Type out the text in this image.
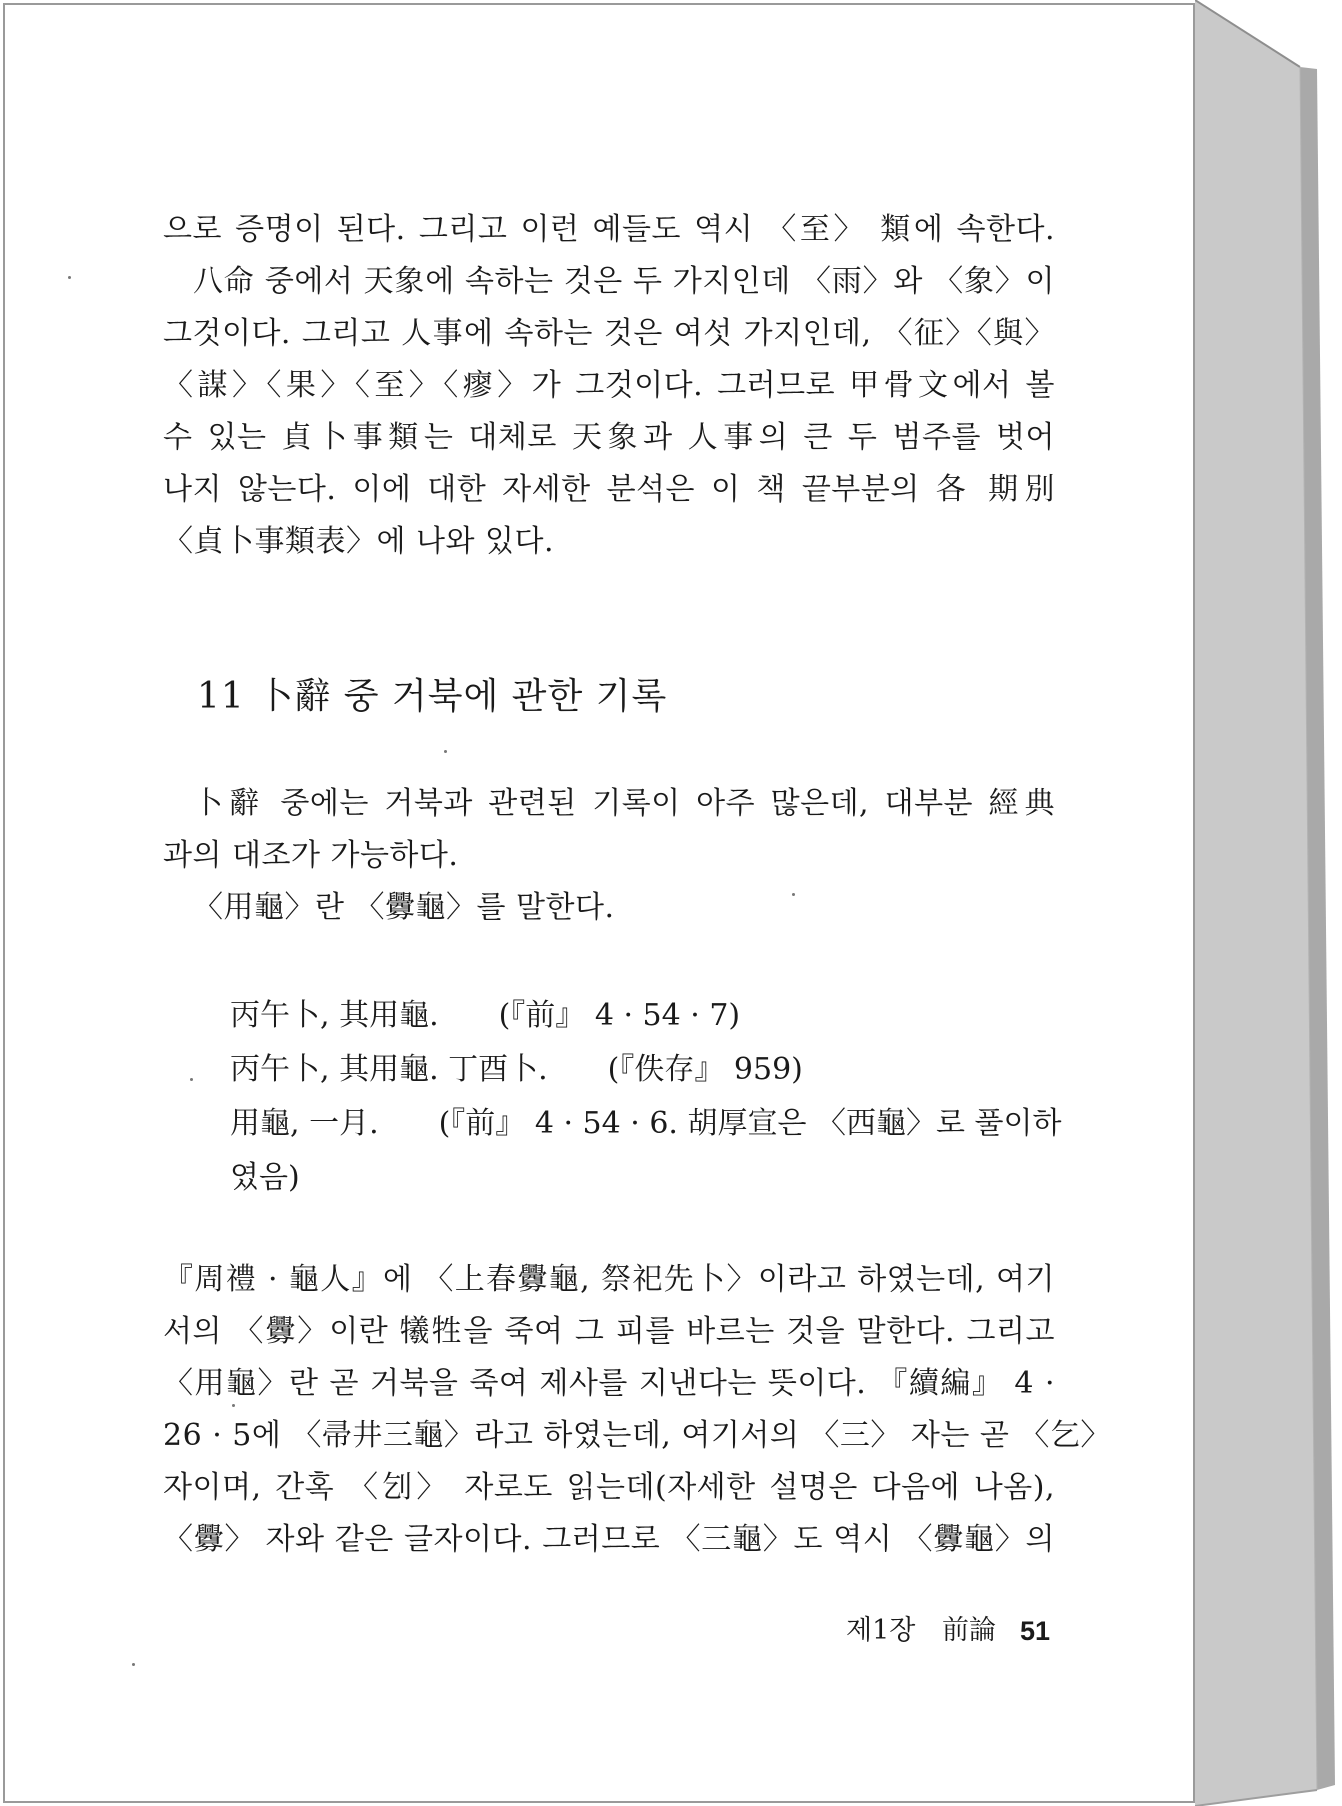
으로 증명이 된다. 그리고 이런 예들도 역시 〈至〉 類에 속한다.
八命 중에서 天象에 속하는 것은 두 가지인데 〈雨〉와 〈象〉이
그것이다. 그리고 人事에 속하는 것은 여섯 가지인데, 〈征〉〈與〉
〈謀〉〈果〉〈至〉〈瘳〉가 그것이다. 그러므로 甲骨文에서 볼
수 있는 貞卜事類는 대체로 天象과 人事의 큰 두 범주를 벗어
나지 않는다. 이에 대한 자세한 분석은 이 책 끝부분의 各 期別
〈貞卜事類表〉에 나와 있다.
11 卜辭 중 거북에 관한 기록
卜辭 중에는 거북과 관련된 기록이 아주 많은데, 대부분 經典
과의 대조가 가능하다.
〈用龜〉란 〈釁龜〉를 말한다.
丙午卜, 其用龜.　　(『前』 4 · 54 · 7)
丙午卜, 其用龜. 丁酉卜.　　(『佚存』 959)
用龜, 一月.　　(『前』 4 · 54 · 6. 胡厚宣은 〈西龜〉로 풀이하
였음)
『周禮 · 龜人』에 〈上春釁龜, 祭祀先卜〉이라고 하였는데, 여기
서의 〈釁〉이란 犧牲을 죽여 그 피를 바르는 것을 말한다. 그리고
〈用龜〉란 곧 거북을 죽여 제사를 지낸다는 뜻이다. 『續編』 4 ·
26 · 5에 〈帚井三龜〉라고 하였는데, 여기서의 〈三〉 자는 곧 〈乞〉
자이며, 간혹 〈刉〉 자로도 읽는데(자세한 설명은 다음에 나옴),
〈釁〉 자와 같은 글자이다. 그러므로 〈三龜〉도 역시 〈釁龜〉의
제1장 前論 51
